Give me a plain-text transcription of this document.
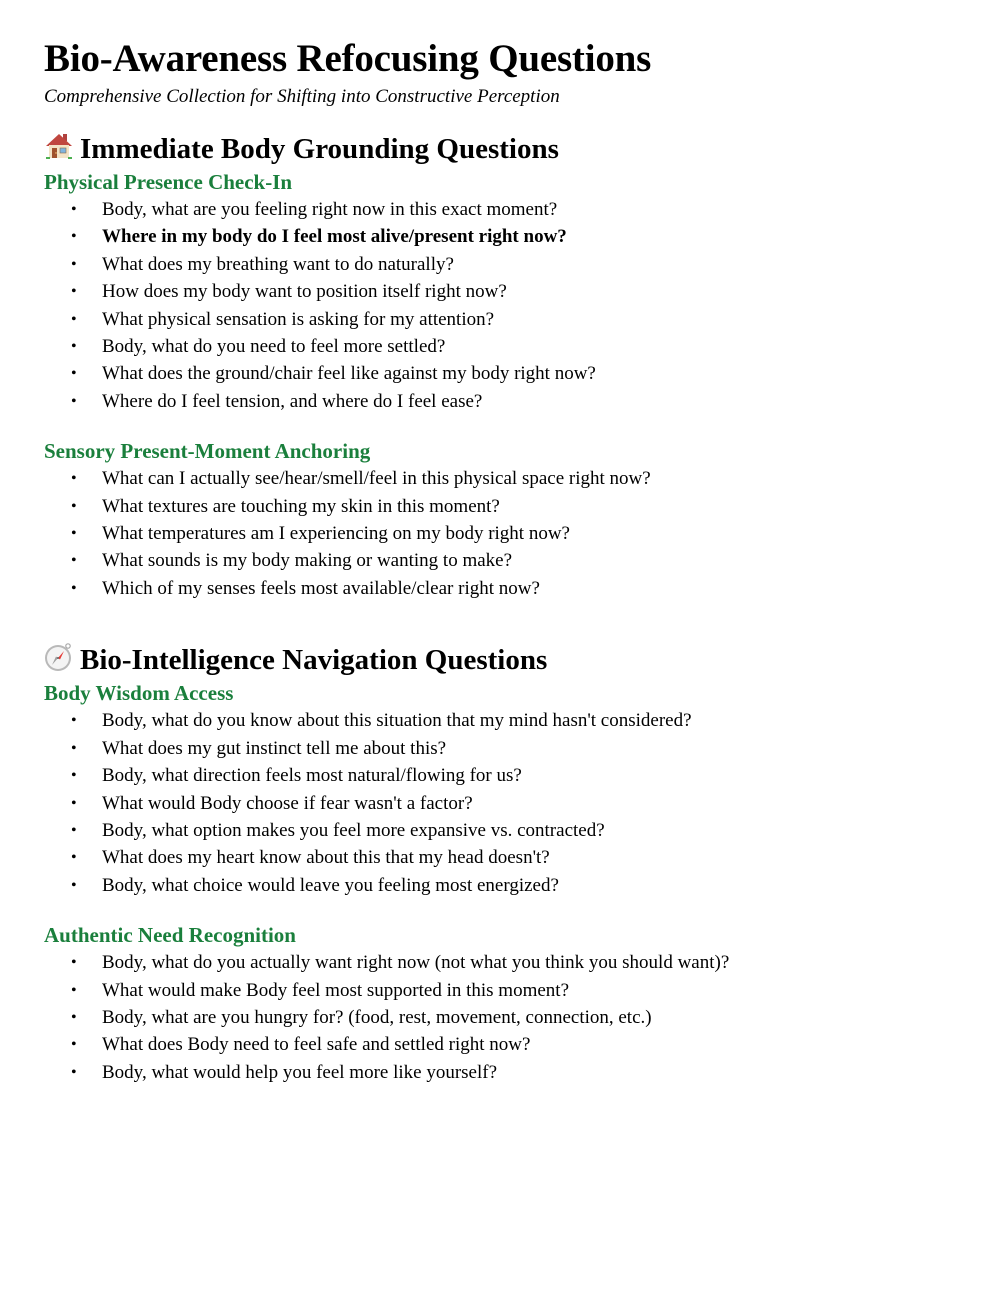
Bio-Awareness Refocusing Questions

Comprehensive Collection for Shifting into Constructive Perception

Immediate Body Grounding Questions
Physical Presence Check-In
• Body, what are you feeling right now in this exact moment?
• Where in my body do I feel most alive/present right now?
• What does my breathing want to do naturally?
• How does my body want to position itself right now?
• What physical sensation is asking for my attention?
• Body, what do you need to feel more settled?
• What does the ground/chair feel like against my body right now?
• Where do I feel tension, and where do I feel ease?
Sensory Present-Moment Anchoring
• What can I actually see/hear/smell/feel in this physical space right now?
• What textures are touching my skin in this moment?
• What temperatures am I experiencing on my body right now?
• What sounds is my body making or wanting to make?
• Which of my senses feels most available/clear right now?
Bio-Intelligence Navigation Questions
Body Wisdom Access
• Body, what do you know about this situation that my mind hasn't considered?
• What does my gut instinct tell me about this?
• Body, what direction feels most natural/flowing for us?
• What would Body choose if fear wasn't a factor?
• Body, what option makes you feel more expansive vs. contracted?
• What does my heart know about this that my head doesn't?
• Body, what choice would leave you feeling most energized?
Authentic Need Recognition
• Body, what do you actually want right now (not what you think you should want)?
• What would make Body feel most supported in this moment?
• Body, what are you hungry for? (food, rest, movement, connection, etc.)
• What does Body need to feel safe and settled right now?
• Body, what would help you feel more like yourself?
